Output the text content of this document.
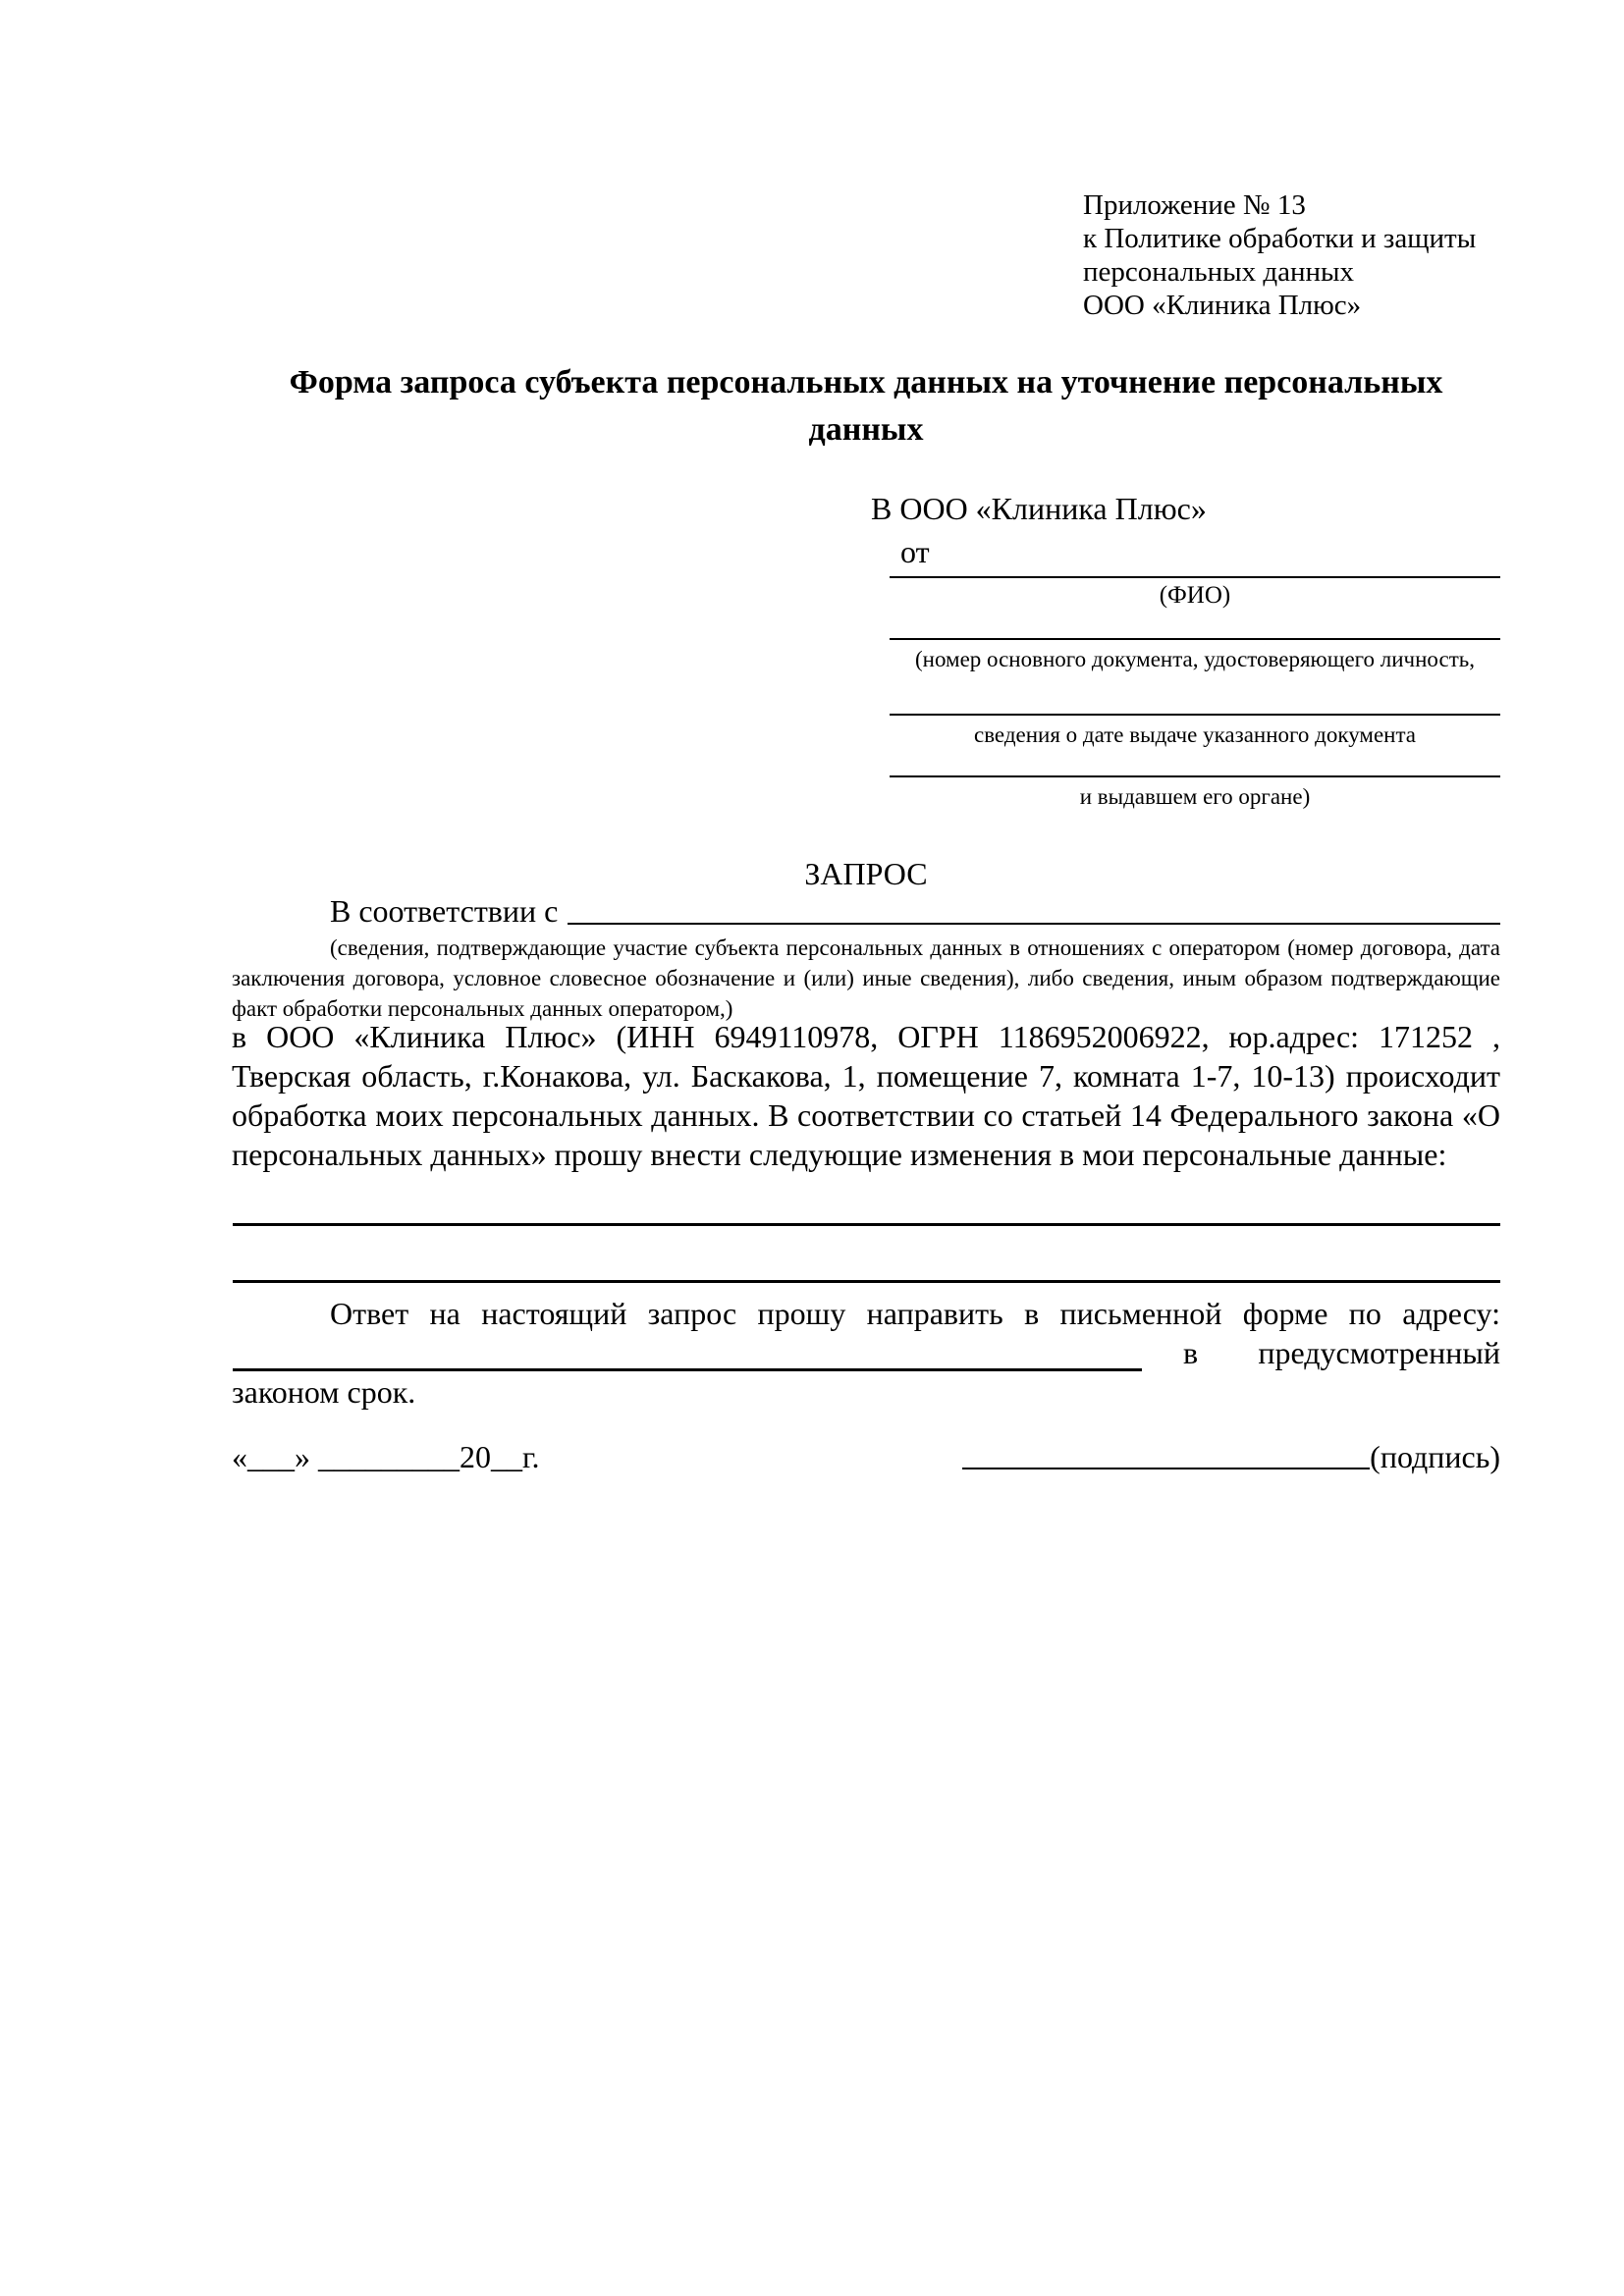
Приложение № 13
к Политике обработки и защиты
персональных данных
ООО «Клиника Плюс»
Форма запроса субъекта персональных данных на уточнение персональных данных
В ООО «Клиника Плюс»
от
(ФИО)
(номер основного документа, удостоверяющего личность,
сведения о дате выдаче указанного документа
и выдавшем его органе)
ЗАПРОС
В соответствии с
(сведения, подтверждающие участие субъекта персональных данных в отношениях с оператором (номер договора, дата заключения договора, условное словесное обозначение и (или) иные сведения), либо сведения, иным образом подтверждающие факт обработки персональных данных оператором,)
в ООО «Клиника Плюс» (ИНН 6949110978, ОГРН 1186952006922, юр.адрес: 171252 , Тверская область, г.Конакова, ул. Баскакова, 1, помещение 7, комната 1-7, 10-13) происходит обработка моих персональных данных. В соответствии со статьей 14 Федерального закона «О персональных данных» прошу внести следующие изменения в мои персональные данные:
Ответ на настоящий запрос прошу направить в письменной форме по адресу:
в предусмотренный
законом срок.
«___» _________20__г.	(подпись)
